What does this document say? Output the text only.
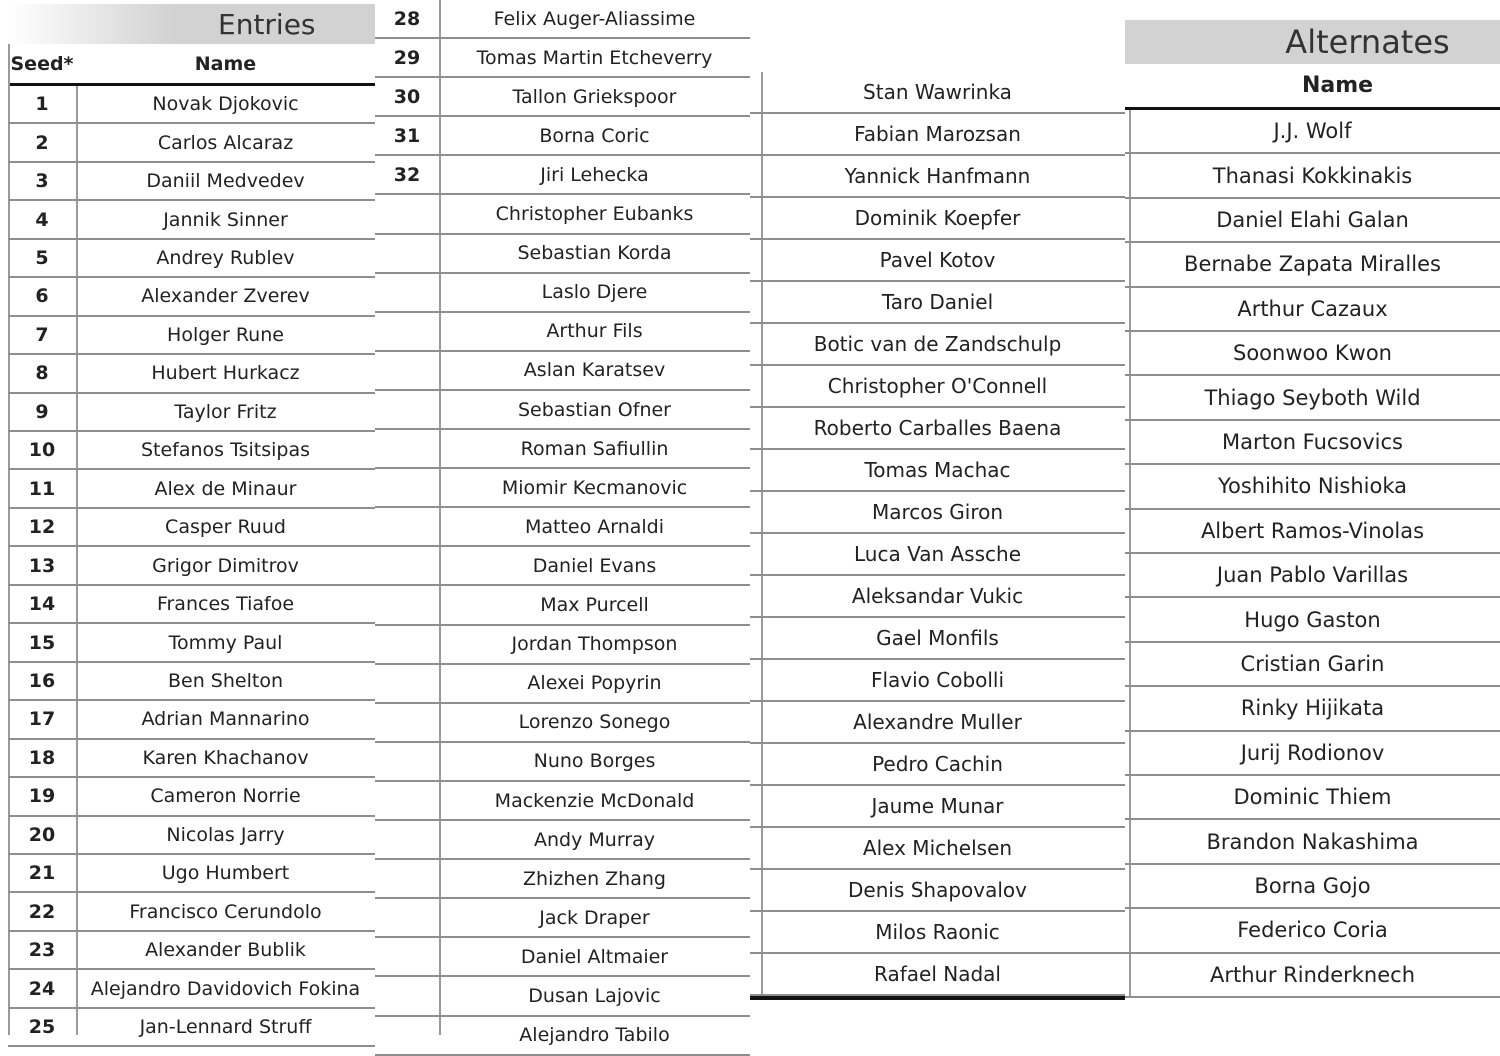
Entries
Seed*	Name
1	Novak Djokovic
2	Carlos Alcaraz
3	Daniil Medvedev
4	Jannik Sinner
5	Andrey Rublev
6	Alexander Zverev
7	Holger Rune
8	Hubert Hurkacz
9	Taylor Fritz
10	Stefanos Tsitsipas
11	Alex de Minaur
12	Casper Ruud
13	Grigor Dimitrov
14	Frances Tiafoe
15	Tommy Paul
16	Ben Shelton
17	Adrian Mannarino
18	Karen Khachanov
19	Cameron Norrie
20	Nicolas Jarry
21	Ugo Humbert
22	Francisco Cerundolo
23	Alexander Bublik
24	Alejandro Davidovich Fokina
25	Jan-Lennard Struff
28	Felix Auger-Aliassime
29	Tomas Martin Etcheverry
30	Tallon Griekspoor
31	Borna Coric
32	Jiri Lehecka
Christopher Eubanks
Sebastian Korda
Laslo Djere
Arthur Fils
Aslan Karatsev
Sebastian Ofner
Roman Safiullin
Miomir Kecmanovic
Matteo Arnaldi
Daniel Evans
Max Purcell
Jordan Thompson
Alexei Popyrin
Lorenzo Sonego
Nuno Borges
Mackenzie McDonald
Andy Murray
Zhizhen Zhang
Jack Draper
Daniel Altmaier
Dusan Lajovic
Alejandro Tabilo
Stan Wawrinka
Fabian Marozsan
Yannick Hanfmann
Dominik Koepfer
Pavel Kotov
Taro Daniel
Botic van de Zandschulp
Christopher O'Connell
Roberto Carballes Baena
Tomas Machac
Marcos Giron
Luca Van Assche
Aleksandar Vukic
Gael Monfils
Flavio Cobolli
Alexandre Muller
Pedro Cachin
Jaume Munar
Alex Michelsen
Denis Shapovalov
Milos Raonic
Rafael Nadal
Alternates
Name
J.J. Wolf
Thanasi Kokkinakis
Daniel Elahi Galan
Bernabe Zapata Miralles
Arthur Cazaux
Soonwoo Kwon
Thiago Seyboth Wild
Marton Fucsovics
Yoshihito Nishioka
Albert Ramos-Vinolas
Juan Pablo Varillas
Hugo Gaston
Cristian Garin
Rinky Hijikata
Jurij Rodionov
Dominic Thiem
Brandon Nakashima
Borna Gojo
Federico Coria
Arthur Rinderknech
